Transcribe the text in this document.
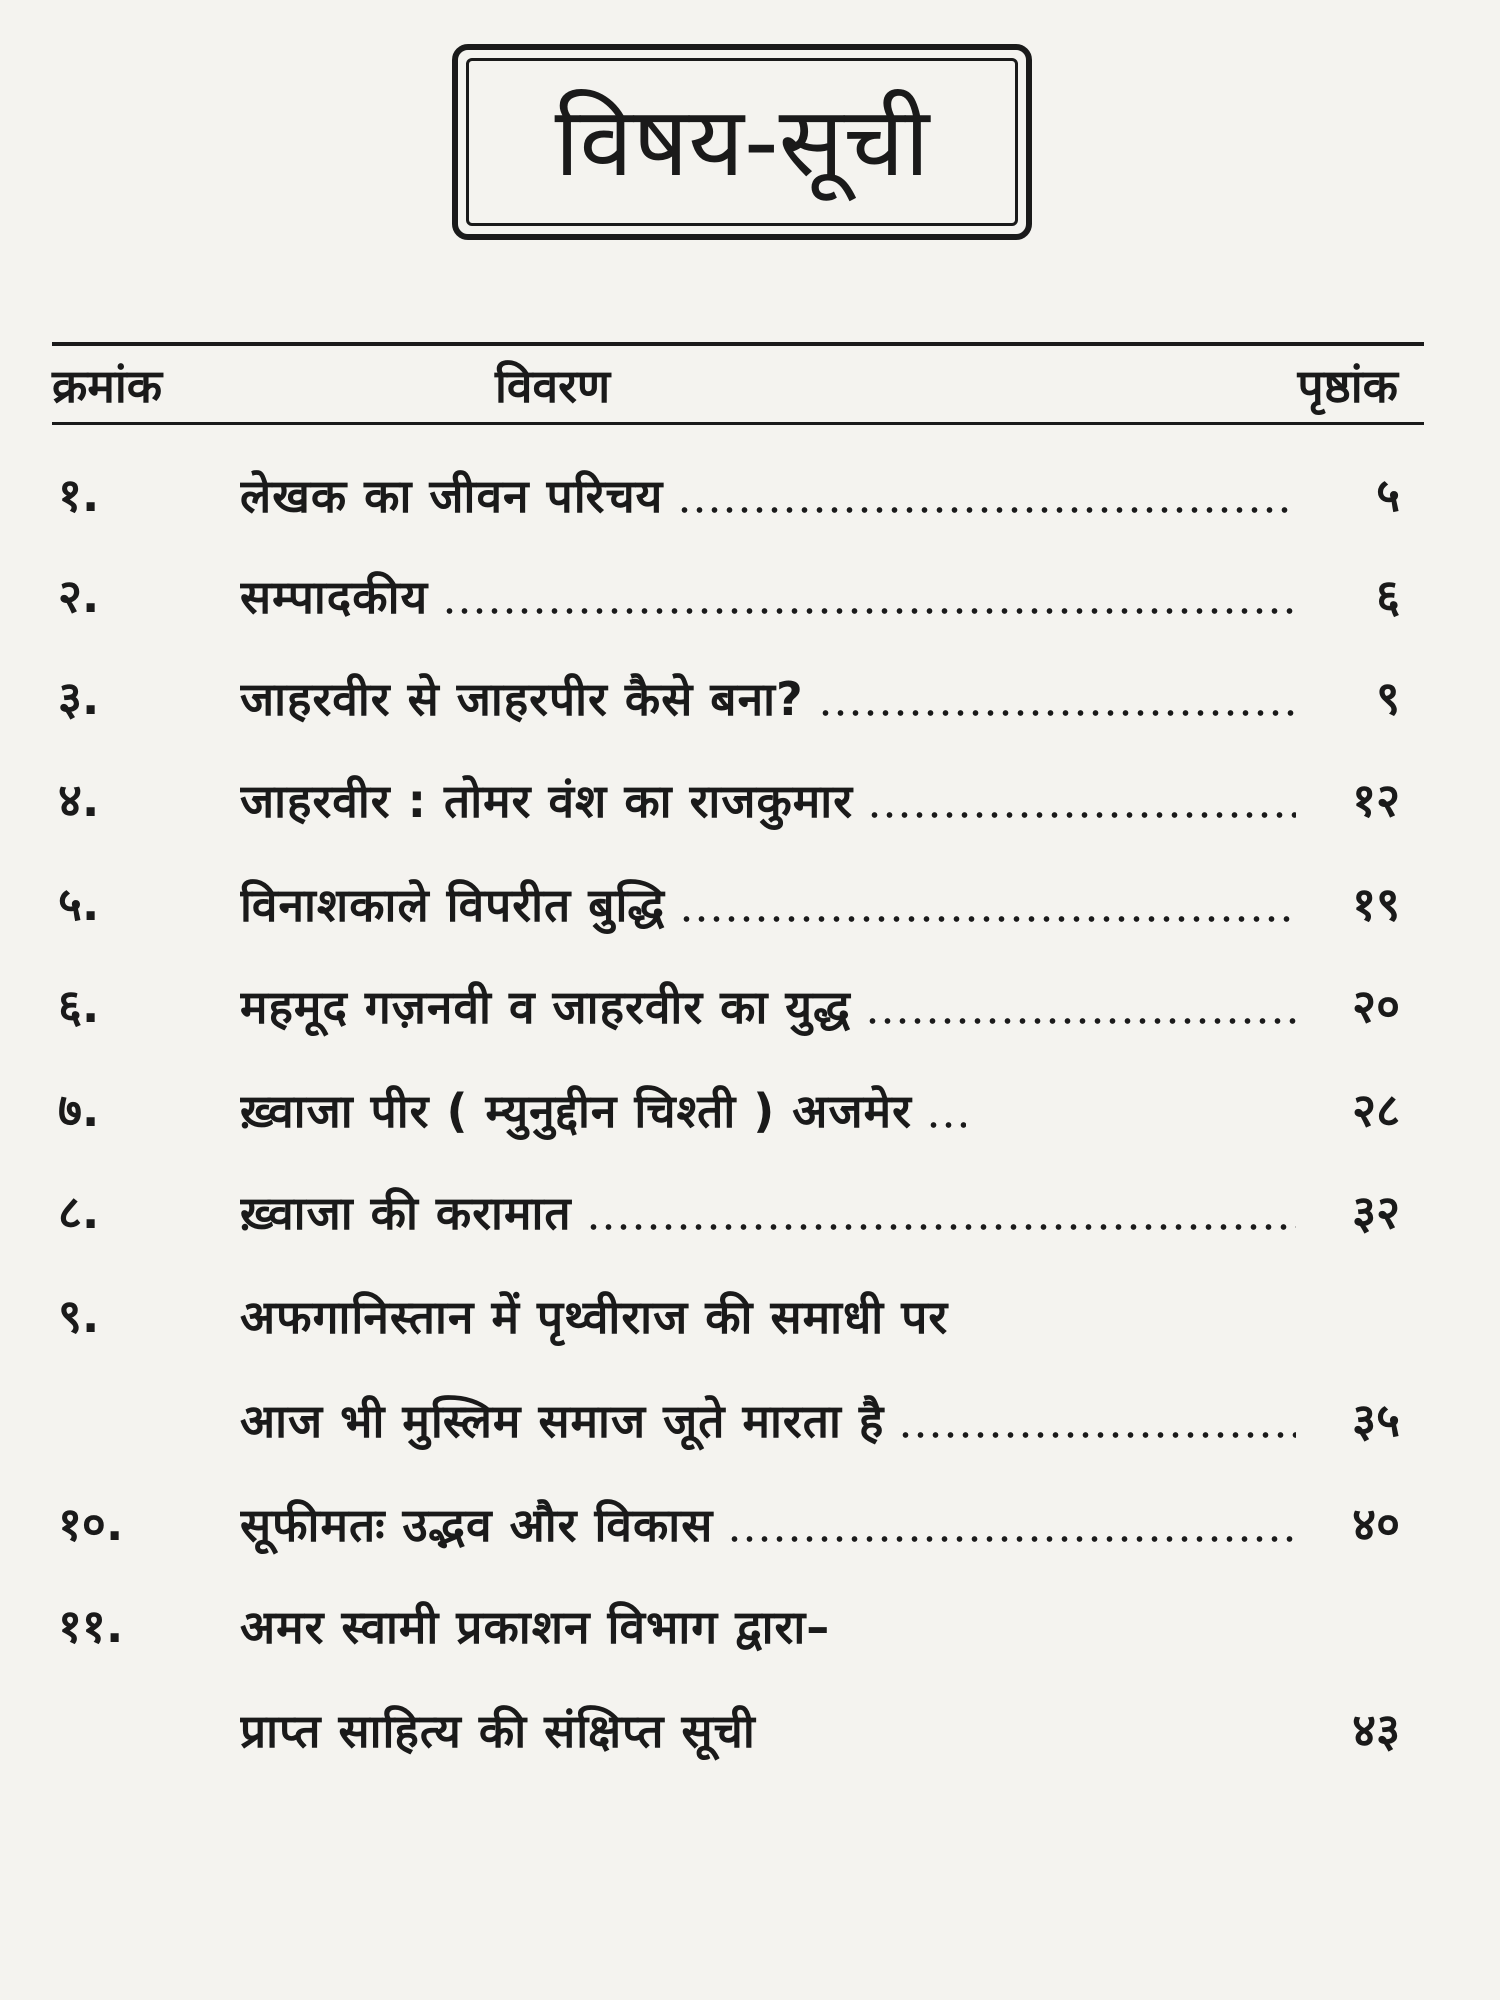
विषय-सूची
क्रमांक	विवरण	पृष्ठांक
१.	लेखक का जीवन परिचय	५
२.	सम्पादकीय	६
३.	जाहरवीर से जाहरपीर कैसे बना?	९
४.	जाहरवीर : तोमर वंश का राजकुमार	१२
५.	विनाशकाले विपरीत बुद्धि	१९
६.	महमूद गज़नवी व जाहरवीर का युद्ध	२०
७.	ख़्वाजा पीर ( म्युनुद्दीन चिश्ती ) अजमेर	२८
८.	ख़्वाजा की करामात	३२
९.	अफगानिस्तान में पृथ्वीराज की समाधी पर
आज भी मुस्लिम समाज जूते मारता है	३५
१०.	सूफीमतः उद्भव और विकास	४०
११.	अमर स्वामी प्रकाशन विभाग द्वारा–
प्राप्त साहित्य की संक्षिप्त सूची	४३
